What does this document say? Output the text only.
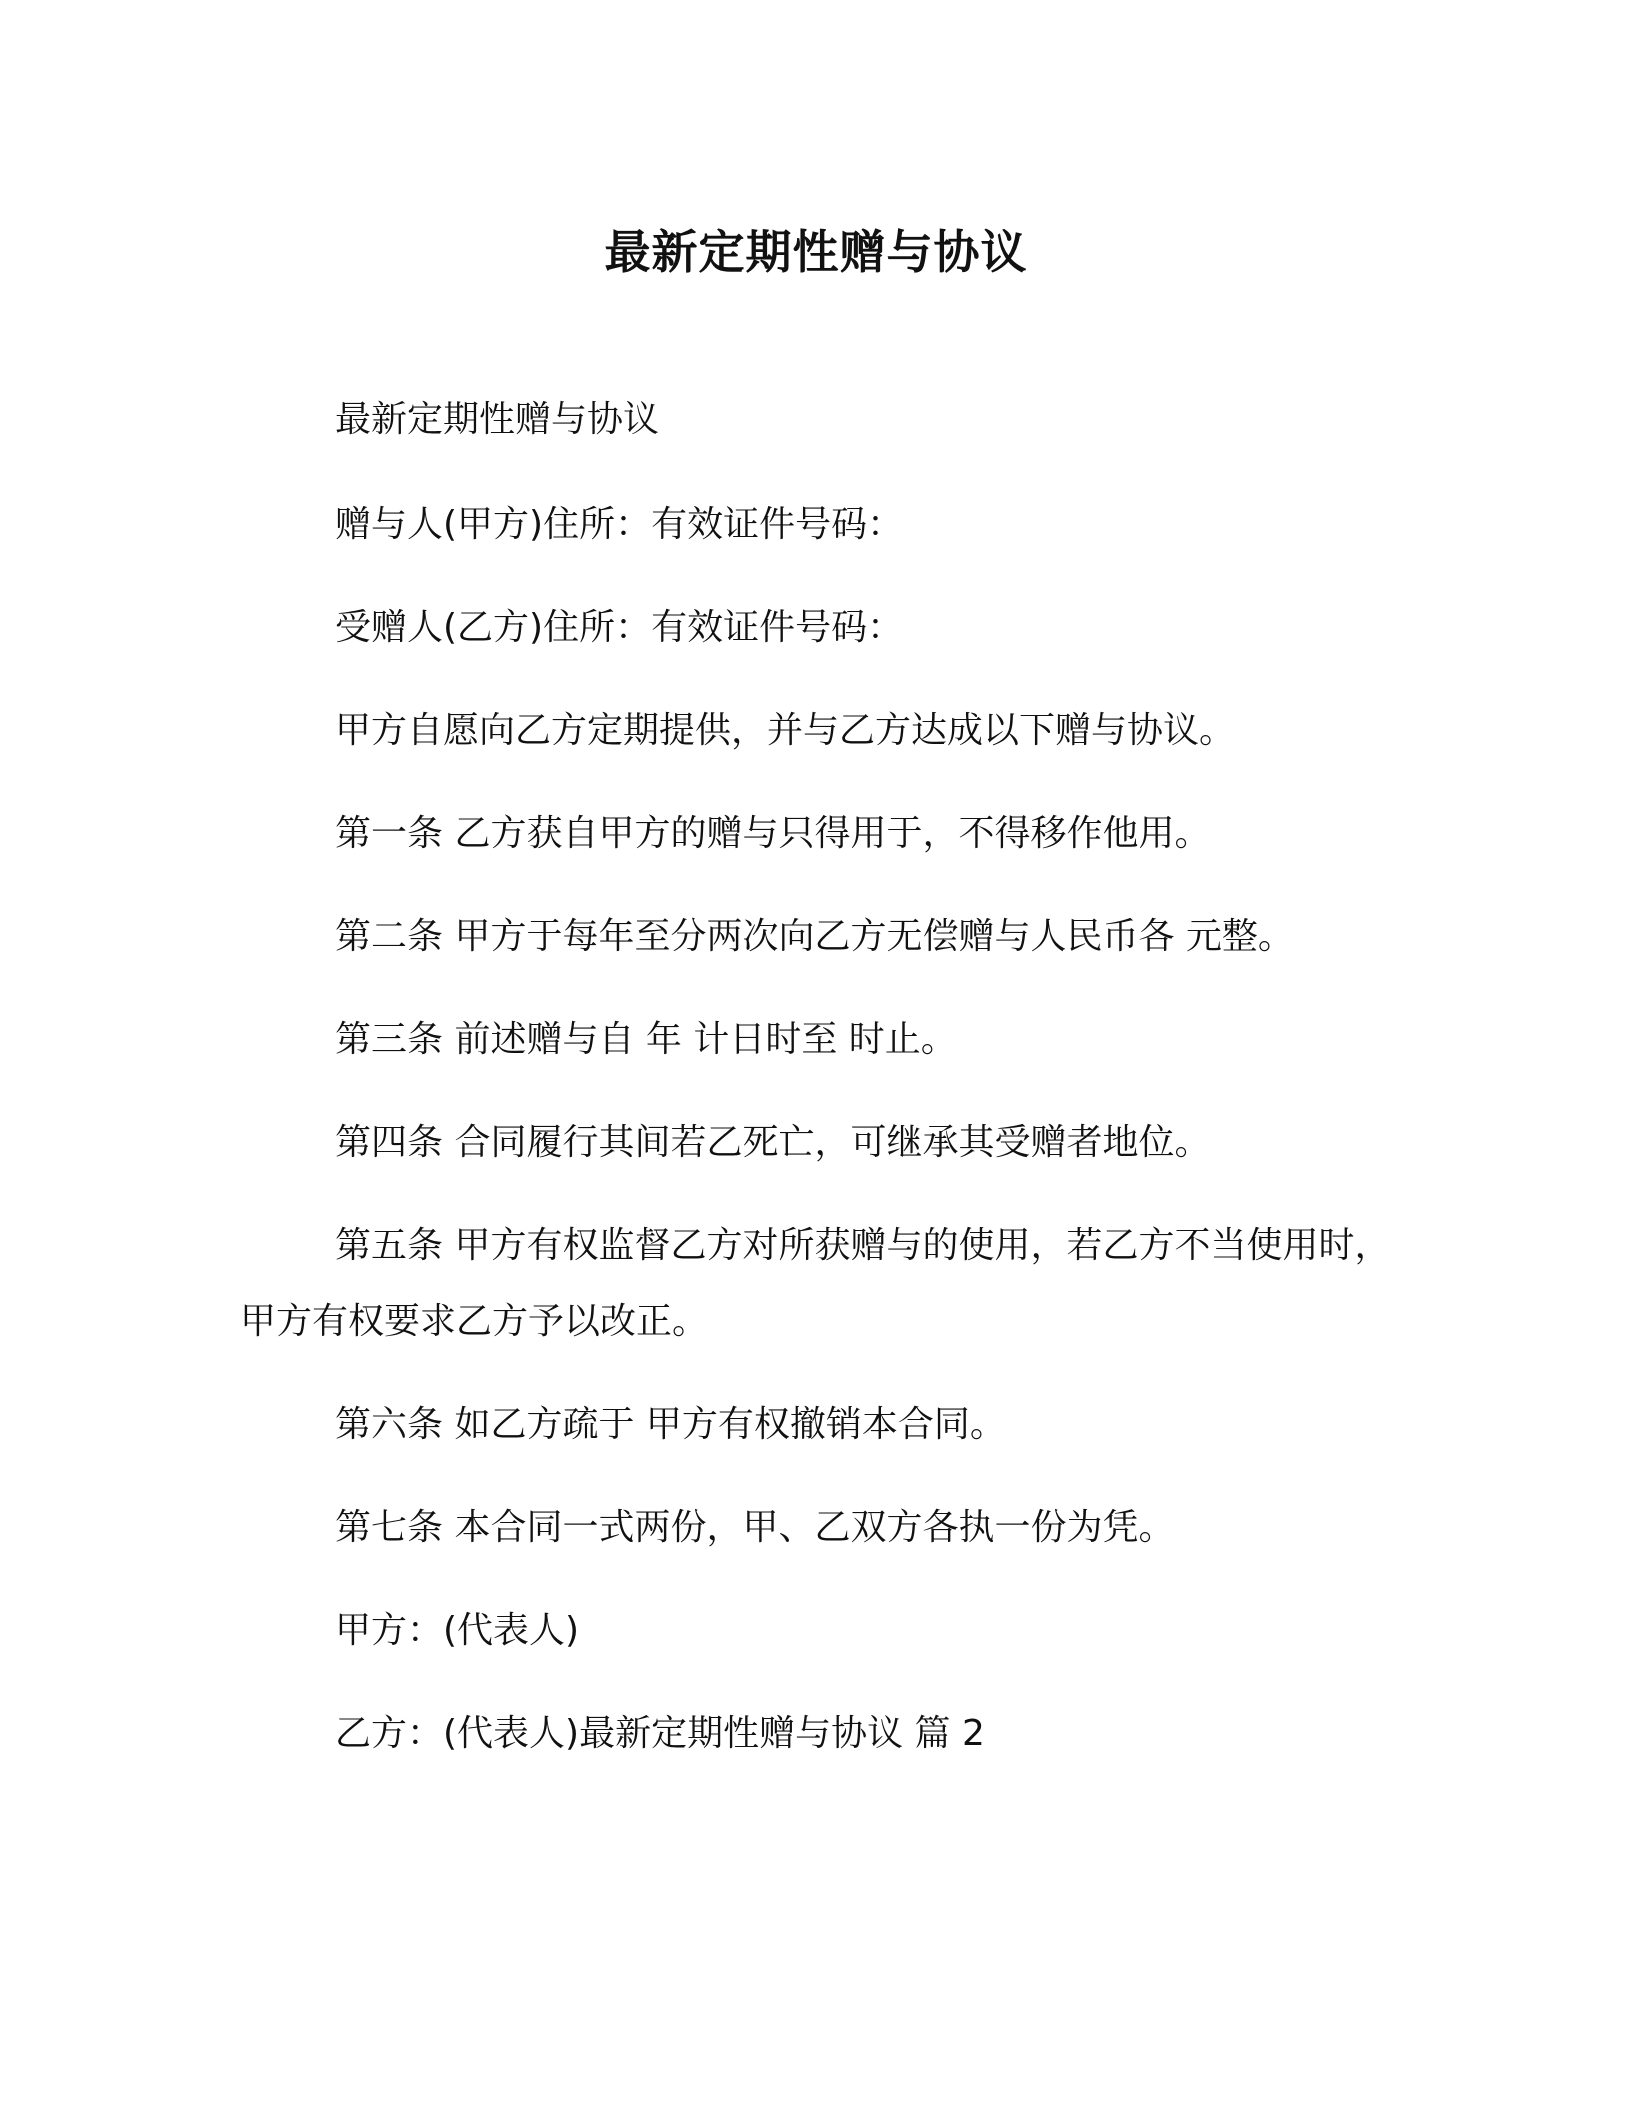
最新定期性赠与协议
最新定期性赠与协议
赠与人(甲方)住所：有效证件号码：
受赠人(乙方)住所：有效证件号码：
甲方自愿向乙方定期提供，并与乙方达成以下赠与协议。
第一条 乙方获自甲方的赠与只得用于，不得移作他用。
第二条 甲方于每年至分两次向乙方无偿赠与人民币各 元整。
第三条 前述赠与自 年 计日时至 时止。
第四条 合同履行其间若乙死亡，可继承其受赠者地位。
第五条 甲方有权监督乙方对所获赠与的使用，若乙方不当使用时，甲方有权要求乙方予以改正。
第六条 如乙方疏于 甲方有权撤销本合同。
第七条 本合同一式两份，甲、乙双方各执一份为凭。
甲方：(代表人)
乙方：(代表人)最新定期性赠与协议 篇 2
